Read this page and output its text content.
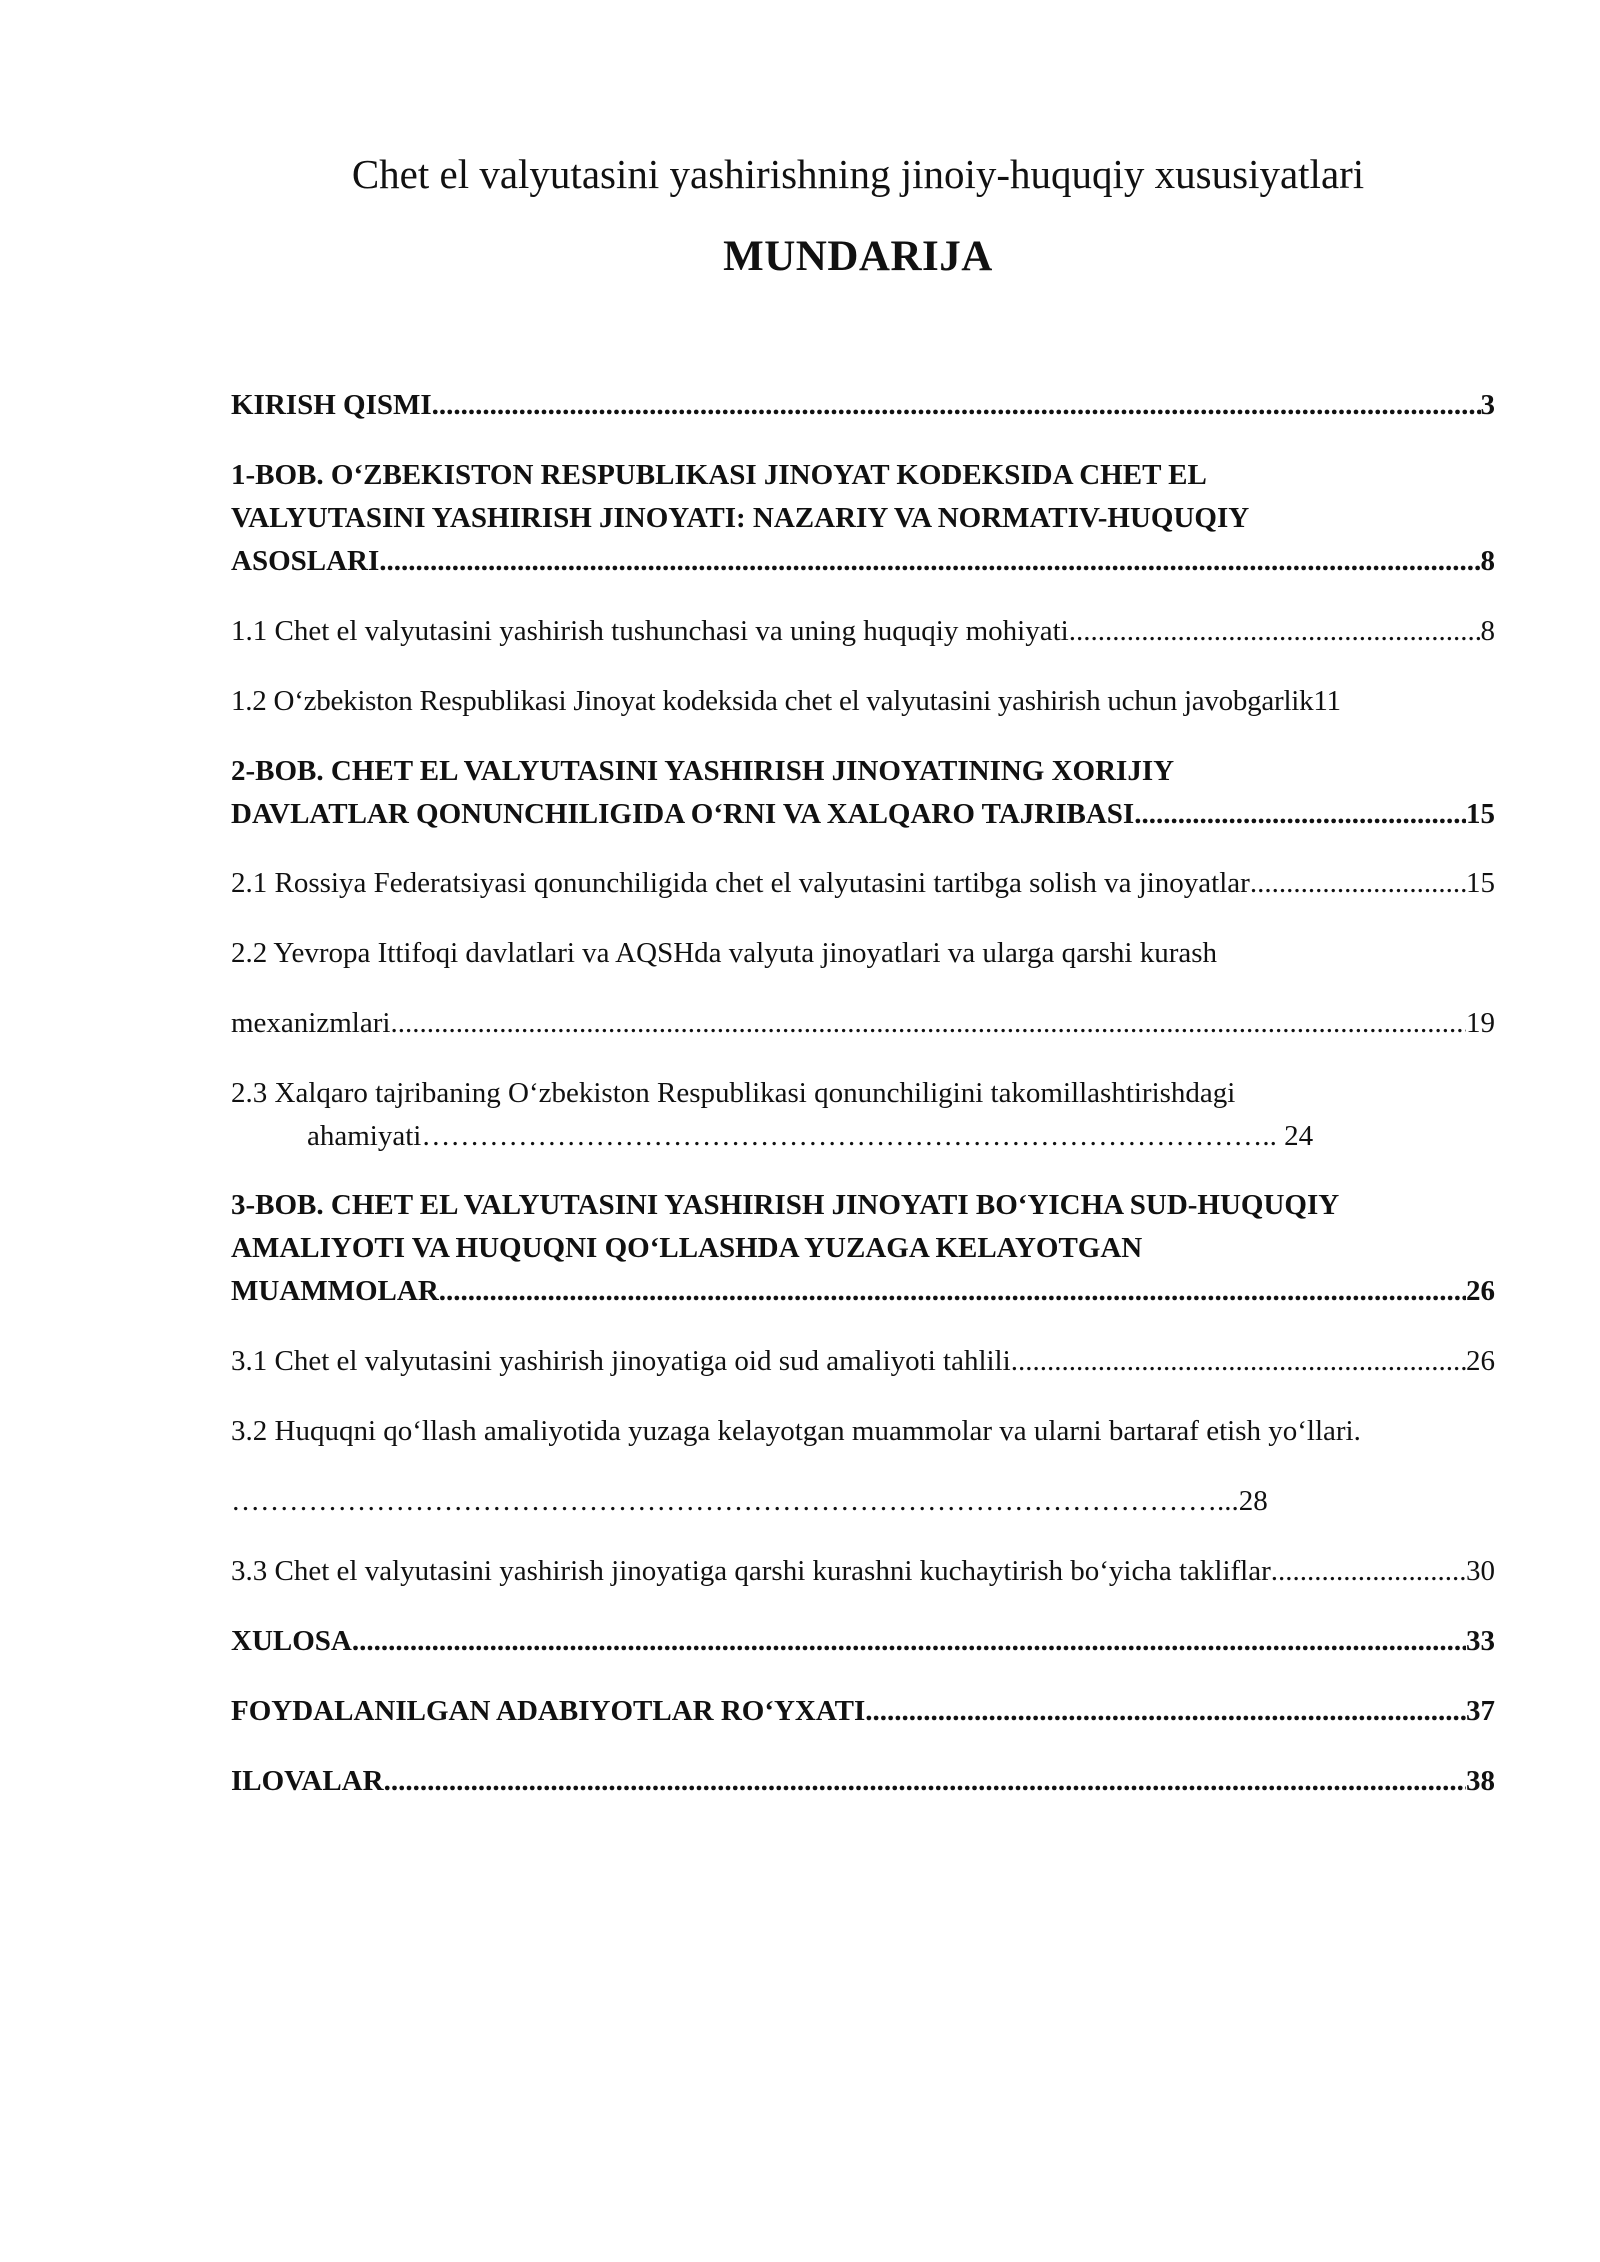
Chet el valyutasini yashirishning jinoiy-huquqiy xususiyatlari
MUNDARIJA
KIRISH QISMI .....	3
1-BOB. O‘ZBEKISTON RESPUBLIKASI JINOYAT KODEKSIDA CHET EL
VALYUTASINI YASHIRISH JINOYATI: NAZARIY VA NORMATIV-HUQUQIY
ASOSLARI .....	8
1.1 Chet el valyutasini yashirish tushunchasi va uning huquqiy mohiyati .....	8
1.2 O‘zbekiston Respublikasi Jinoyat kodeksida chet el valyutasini yashirish uchun javobgarlik 11
2-BOB. CHET EL VALYUTASINI YASHIRISH JINOYATINING XORIJIY
DAVLATLAR QONUNCHILIGIDA O‘RNI VA XALQARO TAJRIBASI .....	15
2.1 Rossiya Federatsiyasi qonunchiligida chet el valyutasini tartibga solish va jinoyatlar .....	15
2.2 Yevropa Ittifoqi davlatlari va AQSHda valyuta jinoyatlari va ularga qarshi kurash
mexanizmlari .....	19
2.3 Xalqaro tajribaning O‘zbekiston Respublikasi qonunchiligini takomillashtirishdagi
ahamiyati…………………………………………………………………………….. 24
3-BOB. CHET EL VALYUTASINI YASHIRISH JINOYATI BO‘YICHA SUD-HUQUQIY
AMALIYOTI VA HUQUQNI QO‘LLASHDA YUZAGA KELAYOTGAN
MUAMMOLAR .....	26
3.1 Chet el valyutasini yashirish jinoyatiga oid sud amaliyoti tahlili .....	26
3.2 Huquqni qo‘llash amaliyotida yuzaga kelayotgan muammolar va ularni bartaraf etish yo‘llari.
…………………………………………………………………………………………...28
3.3 Chet el valyutasini yashirish jinoyatiga qarshi kurashni kuchaytirish bo‘yicha takliflar .....	30
XULOSA .....	33
FOYDALANILGAN ADABIYOTLAR RO‘YXATI .....	37
ILOVALAR .....	38
